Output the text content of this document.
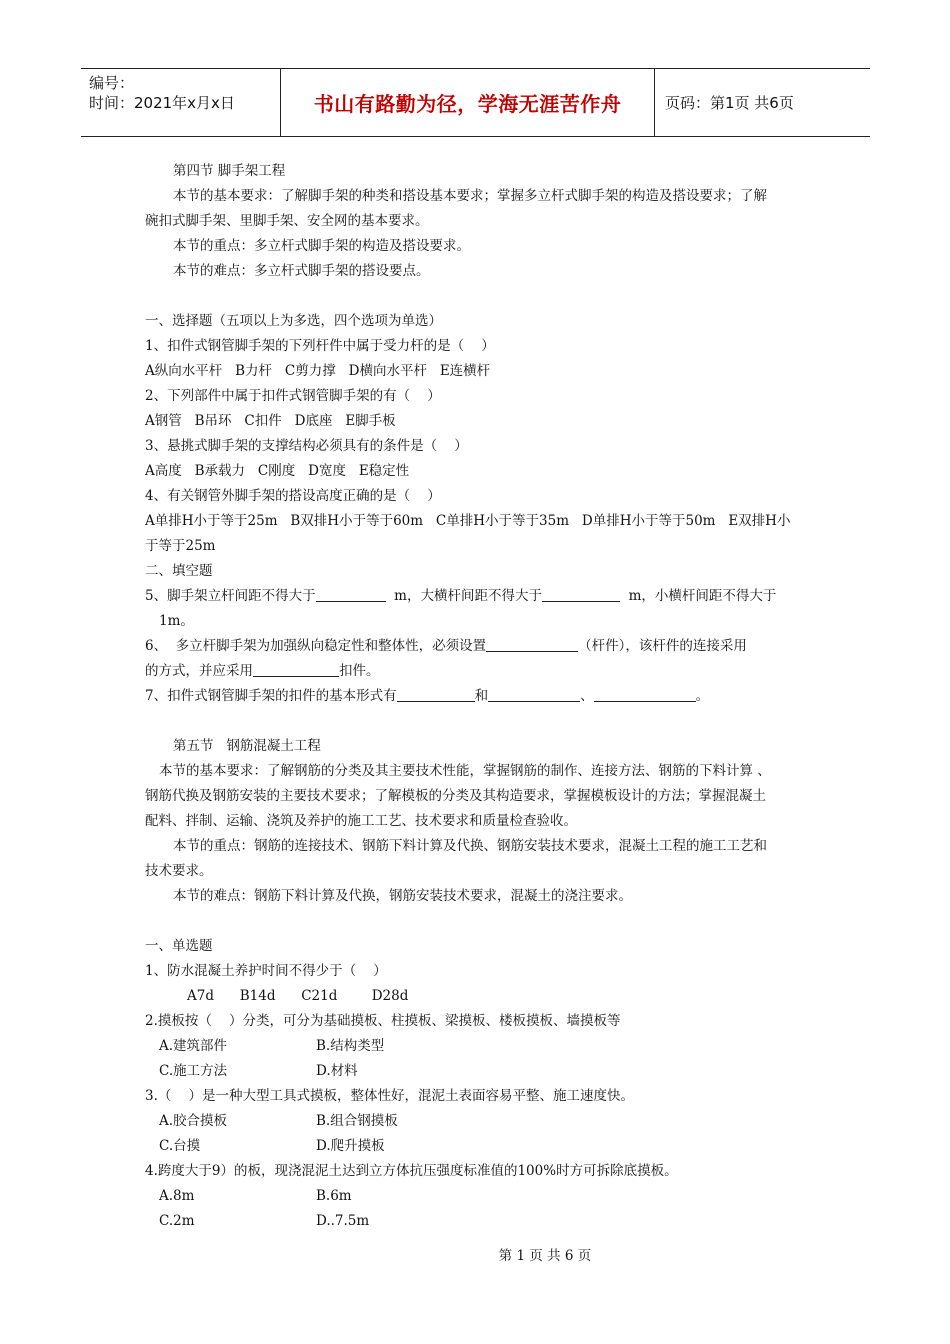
编号：
时间：2021年x月x日	书山有路勤为径，学海无涯苦作舟	页码：第1页 共6页

第四节 脚手架工程

本节的基本要求：了解脚手架的种类和搭设基本要求；掌握多立杆式脚手架的构造及搭设要求；了解

碗扣式脚手架、里脚手架、安全网的基本要求。

本节的重点：多立杆式脚手架的构造及搭设要求。

本节的难点：多立杆式脚手架的搭设要点。

一、选择题（五项以上为多选，四个选项为单选）

1、扣件式钢管脚手架的下列杆件中属于受力杆的是（    ）

A纵向水平杆   B力杆   C剪力撑   D横向水平杆   E连横杆

2、下列部件中属于扣件式钢管脚手架的有（    ）

A钢管   B吊环   C扣件   D底座   E脚手板

3、悬挑式脚手架的支撑结构必须具有的条件是（    ）

A高度   B承载力   C刚度   D宽度   E稳定性

4、有关钢管外脚手架的搭设高度正确的是（    ）

A单排H小于等于25m   B双排H小于等于60m   C单排H小于等于35m   D单排H小于等于50m   E双排H小

于等于25m

二、填空题

5、脚手架立杆间距不得大于	m，大横杆间距不得大于	m，小横杆间距不得大于

1m。

6、  多立杆脚手架为加强纵向稳定性和整体性，必须设置	（杆件），该杆件的连接采用

的方式，并应采用	扣件。

7、扣件式钢管脚手架的扣件的基本形式有	和	、	。

第五节   钢筋混凝土工程

本节的基本要求：了解钢筋的分类及其主要技术性能，掌握钢筋的制作、连接方法、钢筋的下料计算 、

钢筋代换及钢筋安装的主要技术要求；了解模板的分类及其构造要求，掌握模板设计的方法；掌握混凝土

配料、拌制、运输、浇筑及养护的施工工艺、技术要求和质量检查验收。

本节的重点：钢筋的连接技术、钢筋下料计算及代换、钢筋安装技术要求，混凝土工程的施工工艺和

技术要求。

本节的难点：钢筋下料计算及代换，钢筋安装技术要求，混凝土的浇注要求。

一、单选题

1、防水混凝土养护时间不得少于（    ）

A7d      B14d      C21d        D28d

2.摸板按（    ）分类，可分为基础摸板、柱摸板、梁摸板、楼板摸板、墙摸板等

A.建筑部件	B.结构类型
C.施工方法	D.材料

3.（    ）是一种大型工具式摸板，整体性好，混泥土表面容易平整、施工速度快。

A.胶合摸板	B.组合钢摸板
C.台摸	D.爬升摸板

4.跨度大于9）的板，现浇混泥土达到立方体抗压强度标准值的100%时方可拆除底摸板。

A.8m	B.6m
C.2m	D..7.5m
第 1 页 共 6 页
